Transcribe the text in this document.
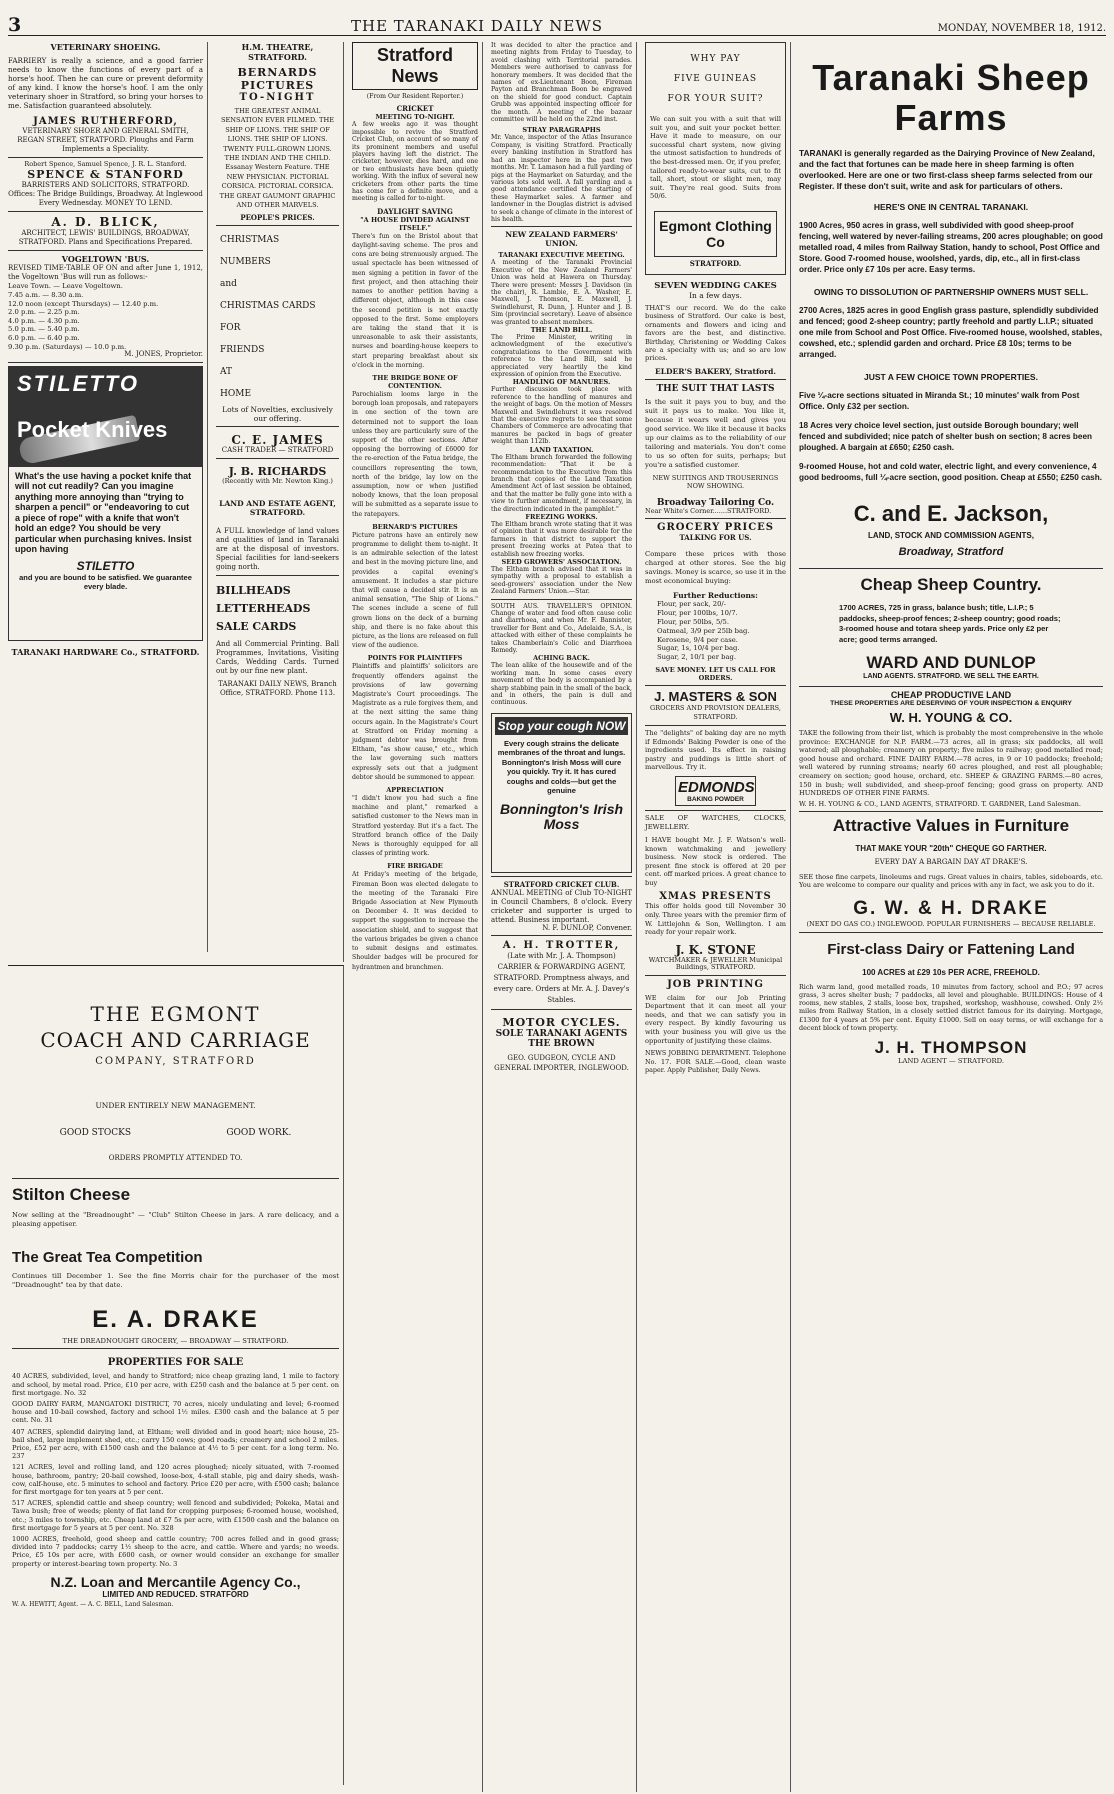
3	THE TARANAKI DAILY NEWS	MONDAY, NOVEMBER 18, 1912.
VETERINARY SHOEING.
FARRIERY is really a science, and a good farrier needs to know the functions of every part of a horse's hoof. Then he can cure or prevent deformity of any kind. I know the horse's hoof. I am the only veterinary shoer in Stratford, so bring your horses to me. Satisfaction guaranteed absolutely.
JAMES RUTHERFORD,
VETERINARY SHOER AND GENERAL SMITH, REGAN STREET, STRATFORD. Ploughs and Farm Implements a Speciality.
Robert Spence, Samuel Spence, J. R. L. Stanford.
SPENCE & STANFORD
BARRISTERS AND SOLICITORS, STRATFORD. Offices: The Bridge Buildings, Broadway. At Inglewood Every Wednesday. MONEY TO LEND.
A. D. BLICK,
ARCHITECT, LEWIS' BUILDINGS, BROADWAY, STRATFORD. Plans and Specifications Prepared.
VOGELTOWN 'BUS.
REVISED TIME-TABLE OF ON and after June 1, 1912, the Vogeltown 'Bus will run as follows:-
Leave Town. — Leave Vogeltown.
7.45 a.m. — 8.30 a.m.
12.0 noon (except Thursdays) — 12.40 p.m.
2.0 p.m. — 2.25 p.m.
4.0 p.m. — 4.30 p.m.
5.0 p.m. — 5.40 p.m.
6.0 p.m. — 6.40 p.m.
9.30 p.m. (Saturdays) — 10.0 p.m.
M. JONES, Proprietor.
STILETTO
Pocket Knives
What's the use having a pocket knife that will not cut readily? Can you imagine anything more annoying than "trying to sharpen a pencil" or "endeavoring to cut a piece of rope" with a knife that won't hold an edge? You should be very particular when purchasing knives. Insist upon having
STILETTO
and you are bound to be satisfied. We guarantee every blade.
TARANAKI HARDWARE Co., STRATFORD.
H.M. THEATRE, STRATFORD.
BERNARDS PICTURES
TO-NIGHT
THE GREATEST ANIMAL SENSATION EVER FILMED. THE SHIP OF LIONS. THE SHIP OF LIONS. THE SHIP OF LIONS. TWENTY FULL-GROWN LIONS. THE INDIAN AND THE CHILD. Essanay Western Feature. THE NEW PHYSICIAN. PICTORIAL CORSICA. PICTORIAL CORSICA. THE GREAT GAUMONT GRAPHIC AND OTHER MARVELS.
PEOPLE'S PRICES.
CHRISTMAS
NUMBERS
and
CHRISTMAS CARDS
FOR
FRIENDS
AT
HOME
Lots of Novelties, exclusively our offering.
C. E. JAMES
CASH TRADER — STRATFORD
J. B. RICHARDS
(Recently with Mr. Newton King.)
LAND AND ESTATE AGENT, STRATFORD.
A FULL knowledge of land values and qualities of land in Taranaki are at the disposal of investors. Special facilities for land-seekers going north.
BILLHEADS
LETTERHEADS
SALE CARDS
And all Commercial Printing. Ball Programmes, Invitations, Visiting Cards, Wedding Cards. Turned out by our fine new plant.
TARANAKI DAILY NEWS, Branch Office, STRATFORD. Phone 113.
Stratford News
(From Our Resident Reporter.)
CRICKET
MEETING TO-NIGHT.
A few weeks ago it was thought impossible to revive the Stratford Cricket Club, on account of so many of its prominent members and useful players having left the district. The cricketer, however, dies hard, and one or two enthusiasts have been quietly working. With the influx of several new cricketers from other parts the time has come for a definite move, and a meeting is called for to-night.
DAYLIGHT SAVING
"A HOUSE DIVIDED AGAINST ITSELF."
There's fun on the Bristol about that daylight-saving scheme. The pros and cons are being strenuously argued. The usual spectacle has been witnessed of men signing a petition in favor of the first project, and then attaching their names to another petition having a different object, although in this case the second petition is not exactly opposed to the first. Some employers are taking the stand that it is unreasonable to ask their assistants, nurses and boarding-house keepers to start preparing breakfast about six o'clock in the morning.
THE BRIDGE BONE OF CONTENTION.
Parochialism looms large in the borough loan proposals, and ratepayers in one section of the town are determined not to support the loan unless they are particularly sure of the support of the other sections. After opposing the borrowing of £6000 for the re-erection of the Fatua bridge, the councillors representing the town, north of the bridge, lay low on the assumption, now or when justified nobody knows, that the loan proposal will be submitted as a separate issue to the ratepayers.
BERNARD'S PICTURES
Picture patrons have an entirely new programme to delight them to-night. It is an admirable selection of the latest and best in the moving picture line, and provides a capital evening's amusement. It includes a star picture that will cause a decided stir. It is an animal sensation, "The Ship of Lions." The scenes include a scene of full grown lions on the deck of a burning ship, and there is no fake about this picture, as the lions are released on full view of the audience.
POINTS FOR PLAINTIFFS
Plaintiffs and plaintiffs' solicitors are frequently offenders against the provisions of law governing Magistrate's Court proceedings. The Magistrate as a rule forgives them, and at the next sitting the same thing occurs again. In the Magistrate's Court at Stratford on Friday morning a judgment debtor was brought from Eltham, "as show cause," etc., which the law governing such matters expressly sets out that a judgment debtor should be summoned to appear.
APPRECIATION
"I didn't know you had such a fine machine and plant," remarked a satisfied customer to the News man in Stratford yesterday. But it's a fact. The Stratford branch office of the Daily News is thoroughly equipped for all classes of printing work.
FIRE BRIGADE
At Friday's meeting of the brigade, Fireman Boon was elected delegate to the meeting of the Taranaki Fire Brigade Association at New Plymouth on December 4. It was decided to support the suggestion to increase the association shield, and to suggest that the various brigades be given a chance to submit designs and estimates. Shoulder badges will be procured for hydrantmen and branchmen.
It was decided to alter the practice and meeting nights from Friday to Tuesday, to avoid clashing with Territorial parades. Members were authorised to canvass for honorary members. It was decided that the names of ex-Lieutenant Boon, Fireman Payton and Branchman Boon be engraved on the shield for good conduct. Captain Grubb was appointed inspecting officer for the month. A meeting of the bazaar committee will be held on the 22nd inst.
STRAY PARAGRAPHS
Mr. Vance, inspector of the Atlas Insurance Company, is visiting Stratford. Practically every banking institution in Stratford has had an inspector here in the past two months. Mr. T. Lamason had a full yarding of pigs at the Haymarket on Saturday, and the various lots sold well. A fall yarding and a good attendance certified the starting of these Haymarket sales. A farmer and landowner in the Douglas district is advised to seek a change of climate in the interest of his health.
NEW ZEALAND FARMERS' UNION.
TARANAKI EXECUTIVE MEETING.
A meeting of the Taranaki Provincial Executive of the New Zealand Farmers' Union was held at Hawera on Thursday. There were present: Messrs J. Davidson (in the chair), R. Lambie, E. A. Washer, E. Maxwell, J. Thomson, E. Maxwell, J. Swindlehurst, R. Dunn, J. Hunter and J. B. Sim (provincial secretary). Leave of absence was granted to absent members.
THE LAND BILL.
The Prime Minister, writing in acknowledgment of the executive's congratulations to the Government with reference to the Land Bill, said he appreciated very heartily the kind expression of opinion from the Executive.
HANDLING OF MANURES.
Further discussion took place with reference to the handling of manures and the weight of bags. On the motion of Messrs Maxwell and Swindlehurst it was resolved that the executive regrets to see that some Chambers of Commerce are advocating that manures be packed in bags of greater weight than 112lb.
LAND TAXATION.
The Eltham branch forwarded the following recommendation: "That it be a recommendation to the Executive from this branch that copies of the Land Taxation Amendment Act of last session be obtained, and that the matter be fully gone into with a view to further amendment, if necessary, in the direction indicated in the pamphlet."
FREEZING WORKS.
The Eltham branch wrote stating that it was of opinion that it was more desirable for the farmers in that district to support the present freezing works at Patea that to establish new freezing works.
SEED GROWERS' ASSOCIATION.
The Eltham branch advised that it was in sympathy with a proposal to establish a seed-growers' association under the New Zealand Farmers' Union.—Star.
SOUTH AUS. TRAVELLER'S OPINION. Change of water and food often cause colic and diarrhoea, and when Mr. F. Bannister, traveller for Bent and Co., Adelaide, S.A., is attacked with either of these complaints he takes Chamberlain's Colic and Diarrhoea Remedy.
ACHING BACK.
The lean alike of the housewife and of the working man. In some cases every movement of the body is accompanied by a sharp stabbing pain in the small of the back, and in others, the pain is dull and continuous.
Stop your cough NOW
Every cough strains the delicate membranes of the throat and lungs. Bonnington's Irish Moss will cure you quickly. Try it. It has cured coughs and colds—but get the genuine
Bonnington's Irish Moss
STRATFORD CRICKET CLUB.
ANNUAL MEETING of Club TO-NIGHT in Council Chambers, 8 o'clock. Every cricketer and supporter is urged to attend. Business important.
N. F. DUNLOP, Convener.
A. H. TROTTER,
(Late with Mr. J. A. Thompson) CARRIER & FORWARDING AGENT, STRATFORD. Promptness always, and every care. Orders at Mr. A. J. Davey's Stables.
MOTOR CYCLES.
SOLE TARANAKI AGENTS THE BROWN
GEO. GUDGEON, CYCLE AND GENERAL IMPORTER, INGLEWOOD.
WHY PAY
FIVE GUINEAS
FOR YOUR SUIT?
We can suit you with a suit that will suit you, and suit your pocket better. Have it made to measure, on our successful chart system, now giving the utmost satisfaction to hundreds of the best-dressed men. Or, if you prefer, tailored ready-to-wear suits, cut to fit tall, short, stout or slight men, may suit. They're real good. Suits from 50/6.
Egmont Clothing Co
STRATFORD.
SEVEN WEDDING CAKES
In a few days.
THAT'S our record. We do the cake business of Stratford. Our cake is best, ornaments and flowers and icing and favors are the best, and distinctive. Birthday, Christening or Wedding Cakes are a specialty with us; and so are low prices.
ELDER'S BAKERY, Stratford.
THE SUIT THAT LASTS
Is the suit it pays you to buy, and the suit it pays us to make. You like it, because it wears well and gives you good service. We like it because it backs up our claims as to the reliability of our tailoring and materials. You don't come to us so often for suits, perhaps; but you're a satisfied customer.
NEW SUITINGS AND TROUSERINGS NOW SHOWING.
Broadway Tailoring Co.
Near White's Corner.......STRATFORD.
GROCERY PRICES
TALKING FOR US.
Compare these prices with those charged at other stores. See the big savings. Money is scarce, so use it in the most economical buying:
Further Reductions:
Flour, per sack, 20/-
Flour, per 100lbs, 10/7.
Flour, per 50lbs, 5/5.
Oatmeal, 3/9 per 25lb bag.
Kerosene, 9/4 per case.
Sugar, 1s, 10/4 per bag.
Sugar, 2, 10/1 per bag.
SAVE MONEY. LET US CALL FOR ORDERS.
J. MASTERS & SON
GROCERS AND PROVISION DEALERS, STRATFORD.
The "delights" of baking day are no myth if Edmonds' Baking Powder is one of the ingredients used. Its effect in raising pastry and puddings is little short of marvellous. Try it.
EDMONDS
BAKING POWDER
SALE OF WATCHES, CLOCKS, JEWELLERY.
I HAVE bought Mr. J. F. Watson's well-known watchmaking and jewellery business. New stock is ordered. The present fine stock is offered at 20 per cent. off marked prices. A great chance to buy
XMAS PRESENTS
This offer holds good till November 30 only. Three years with the premier firm of W. Littlejohn & Son, Wellington. I am ready for your repair work.
J. K. STONE
WATCHMAKER & JEWELLER Municipal Buildings, STRATFORD.
JOB PRINTING
WE claim for our Job Printing Department that it can meet all your needs, and that we can satisfy you in every respect. By kindly favouring us with your business you will give us the opportunity of justifying these claims.
NEWS JOBBING DEPARTMENT. Telephone No. 17. FOR SALE.—Good, clean waste paper. Apply Publisher, Daily News.
Taranaki Sheep Farms
TARANAKI is generally regarded as the Dairying Province of New Zealand, and the fact that fortunes can be made here in sheep farming is often overlooked. Here are one or two first-class sheep farms selected from our Register. If these don't suit, write and ask for particulars of others.
HERE'S ONE IN CENTRAL TARANAKI.
1900 Acres, 950 acres in grass, well subdivided with good sheep-proof fencing, well watered by never-failing streams, 200 acres ploughable; on good metalled road, 4 miles from Railway Station, handy to school, Post Office and Store. Good 7-roomed house, woolshed, yards, dip, etc., all in first-class order. Price only £7 10s per acre. Easy terms.
OWING TO DISSOLUTION OF PARTNERSHIP OWNERS MUST SELL.
2700 Acres, 1825 acres in good English grass pasture, splendidly subdivided and fenced; good 2-sheep country; partly freehold and partly L.I.P.; situated one mile from School and Post Office. Five-roomed house, woolshed, stables, cowshed, etc.; splendid garden and orchard. Price £8 10s; terms to be arranged.
JUST A FEW CHOICE TOWN PROPERTIES.
Five ¼-acre sections situated in Miranda St.; 10 minutes' walk from Post Office. Only £32 per section.
18 Acres very choice level section, just outside Borough boundary; well fenced and subdivided; nice patch of shelter bush on section; 8 acres been ploughed. A bargain at £650; £250 cash.
9-roomed House, hot and cold water, electric light, and every convenience, 4 good bedrooms, full ¼-acre section, good position. Cheap at £550; £250 cash.
C. and E. Jackson,
LAND, STOCK AND COMMISSION AGENTS,
Broadway, Stratford
Cheap Sheep Country.
1700 ACRES, 725 in grass, balance bush; title, L.I.P.; 5 paddocks, sheep-proof fences; 2-sheep country; good roads; 3-roomed house and totara sheep yards. Price only £2 per acre; good terms arranged.
WARD AND DUNLOP
LAND AGENTS. STRATFORD. WE SELL THE EARTH.
CHEAP PRODUCTIVE LAND
THESE PROPERTIES ARE DESERVING OF YOUR INSPECTION & ENQUIRY
W. H. YOUNG & CO.
TAKE the following from their list, which is probably the most comprehensive in the whole province: EXCHANGE for N.P. FARM.—73 acres, all in grass; six paddocks, all well watered; all ploughable; creamery on property; five miles to railway; good metalled road; good house and orchard. FINE DAIRY FARM.—78 acres, in 9 or 10 paddocks; freehold; well watered by running streams; nearly 60 acres ploughed, and rest all ploughable; creamery on section; good house, orchard, etc. SHEEP & GRAZING FARMS.—80 acres, 150 in bush; well subdivided, and sheep-proof fencing; good grass on property. AND HUNDREDS OF OTHER FINE FARMS.
W. H. H. YOUNG & CO., LAND AGENTS, STRATFORD. T. GARDNER, Land Salesman.
Attractive Values in Furniture
THAT MAKE YOUR "20th" CHEQUE GO FARTHER.
EVERY DAY A BARGAIN DAY AT DRAKE'S.
SEE those fine carpets, linoleums and rugs. Great values in chairs, tables, sideboards, etc. You are welcome to compare our quality and prices with any in fact, we ask you to do it.
G. W. & H. DRAKE
(NEXT DO GAS CO.) INGLEWOOD. POPULAR FURNISHERS — BECAUSE RELIABLE.
First-class Dairy or Fattening Land
100 ACRES at £29 10s PER ACRE, FREEHOLD.
Rich warm land, good metalled roads, 10 minutes from factory, school and P.O.; 97 acres grass, 3 acres shelter bush; 7 paddocks, all level and ploughable. BUILDINGS: House of 4 rooms, new stables, 2 stalls, loose box, trapshed, workshop, washhouse, cowshed. Only 2½ miles from Railway Station, in a closely settled district famous for its dairying. Mortgage, £1300 for 4 years at 5% per cent. Equity £1000. Sell on easy terms, or will exchange for a decent block of town property.
J. H. THOMPSON
LAND AGENT — STRATFORD.
THE EGMONT
COACH AND CARRIAGE
COMPANY, STRATFORD
UNDER ENTIRELY NEW MANAGEMENT.
GOOD STOCKS	GOOD WORK.
ORDERS PROMPTLY ATTENDED TO.
Stilton Cheese
Now selling at the "Breadnought" — "Club" Stilton Cheese in jars. A rare delicacy, and a pleasing appetiser.
The Great Tea Competition
Continues till December 1. See the fine Morris chair for the purchaser of the most "Dreadnought" tea by that date.
E. A. DRAKE
THE DREADNOUGHT GROCERY, — BROADWAY — STRATFORD.
PROPERTIES FOR SALE
40 ACRES, subdivided, level, and handy to Stratford; nice cheap grazing land, 1 mile to factory and school, by metal road. Price, £10 per acre, with £250 cash and the balance at 5 per cent. on first mortgage. No. 32
GOOD DAIRY FARM, MANGATOKI DISTRICT, 70 acres, nicely undulating and level; 6-roomed house and 10-bail cowshed, factory and school 1½ miles. £300 cash and the balance at 5 per cent. No. 31
407 ACRES, splendid dairying land, at Eltham; well divided and in good heart; nice house, 25-bail shed, large implement shed, etc.; carry 150 cows; good roads; creamery and school 2 miles. Price, £52 per acre, with £1500 cash and the balance at 4½ to 5 per cent. for a long term. No. 237
121 ACRES, level and rolling land, and 120 acres ploughed; nicely situated, with 7-roomed house, bathroom, pantry; 20-bail cowshed, loose-box, 4-stall stable, pig and dairy sheds, wash- cow, calf-house, etc. 5 minutes to school and factory. Price £20 per acre, with £500 cash; balance for first mortgage for ten years at 5 per cent.
517 ACRES, splendid cattle and sheep country; well fenced and subdivided; Pokeka, Matai and Tawa bush; free of weeds; plenty of flat land for cropping purposes; 6-roomed house, woolshed, etc.; 3 miles to township, etc. Cheap land at £7 5s per acre, with £1500 cash and the balance on first mortgage for 5 years at 5 per cent. No. 328
1000 ACRES, freehold, good sheep and cattle country; 700 acres felled and in good grass; divided into 7 paddocks; carry 1½ sheep to the acre, and cattle. Where and yards; no weeds. Price, £5 10s per acre, with £600 cash, or owner would consider an exchange for smaller property or interest-bearing town property. No. 3
N.Z. Loan and Mercantile Agency Co.,
LIMITED AND REDUCED. STRATFORD
W. A. HEWITT, Agent. — A. C. BELL, Land Salesman.
